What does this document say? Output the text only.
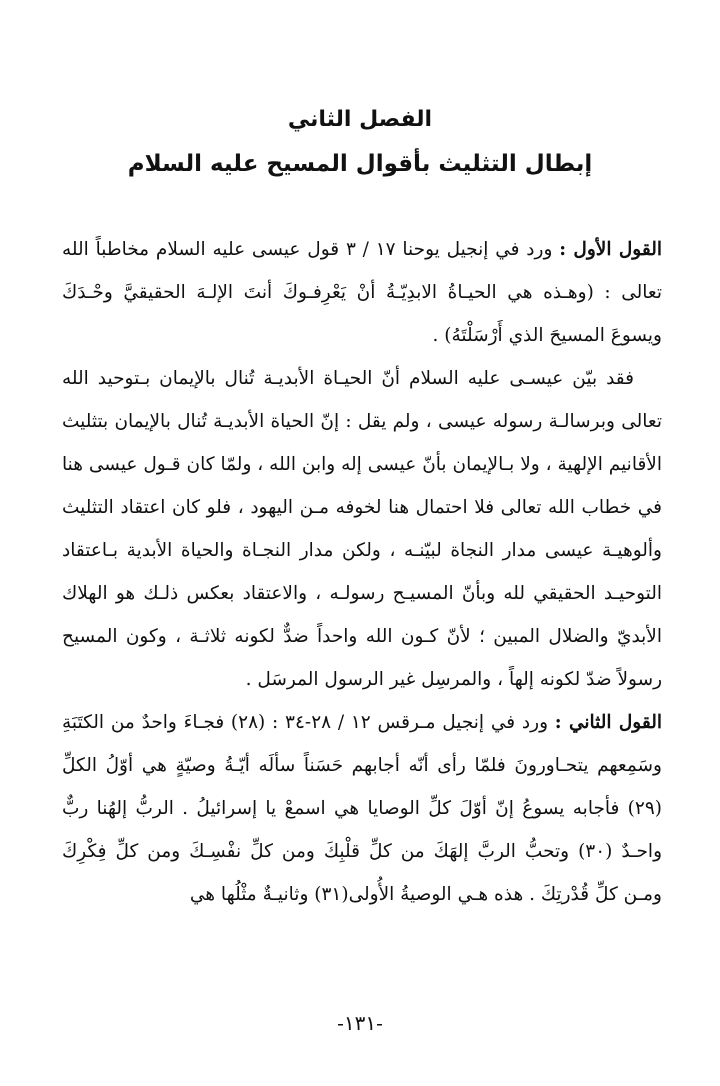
الفصل الثاني
إبطال التثليث بأقوال المسيح عليه السلام

القول الأول : ورد في إنجيل يوحنا ١٧ / ٣ قول عيسى عليه السلام مخاطباً الله تعالى : (وهـذه هي الحيـاةُ الابدِيّـةُ أنْ يَعْرِفـوكَ أنتَ الإلـهَ الحقيقيَّ وحْـدَكَ ويسوعَ المسيحَ الذي أَرْسَلْتَهُ) .

فقد بيّن عيسـى عليه السلام أنّ الحيـاة الأبديـة تُنال بالإيمان بـتوحيد الله تعالى وبرسالـة رسوله عيسى ، ولم يقل : إنّ الحياة الأبديـة تُنال بالإيمان بتثليث الأقانيم الإلهية ، ولا بـالإيمان بأنّ عيسى إله وابن الله ، ولمّا كان قـول عيسى هنا في خطاب الله تعالى فلا احتمال هنا لخوفه مـن اليهود ، فلو كان اعتقاد التثليث وألوهيـة عيسى مدار النجاة لبيّنـه ، ولكن مدار النجـاة والحياة الأبدية بـاعتقاد التوحيـد الحقيقي لله وبأنّ المسيـح رسولـه ، والاعتقاد بعكس ذلـك هو الهلاك الأبديّ والضلال المبين ؛ لأنّ كـون الله واحداً ضدٌّ لكونه ثلاثـة ، وكون المسيح رسولاً ضدّ لكونه إلهاً ، والمرسِل غير الرسول المرسَل .

القول الثاني : ورد في إنجيل مـرقس ١٢ / ٢٨-٣٤ : (٢٨) فجـاءَ واحدٌ من الكتَبَةِ وسَمِعهم يتحـاورونَ فلمّا رأى أنّه أجابهم حَسَناً سألَه أيّـةُ وصيّةٍ هي أوّلُ الكلِّ (٢٩) فأجابه يسوعُ إنّ أوّلَ كلِّ الوصايا هي اسمعْ يا إسرائيلُ . الربُّ إلهُنا ربٌّ واحـدٌ (٣٠) وتحبُّ الربَّ إلهَكَ من كلِّ قلْبِكَ ومن كلِّ نفْسِـكَ ومن كلِّ فِكْرِكَ ومـن كلِّ قُدْرتِكَ . هذه هـي الوصيةُ الأُولى(٣١) وثانيـةٌ مثْلُها هي

-١٣١-
